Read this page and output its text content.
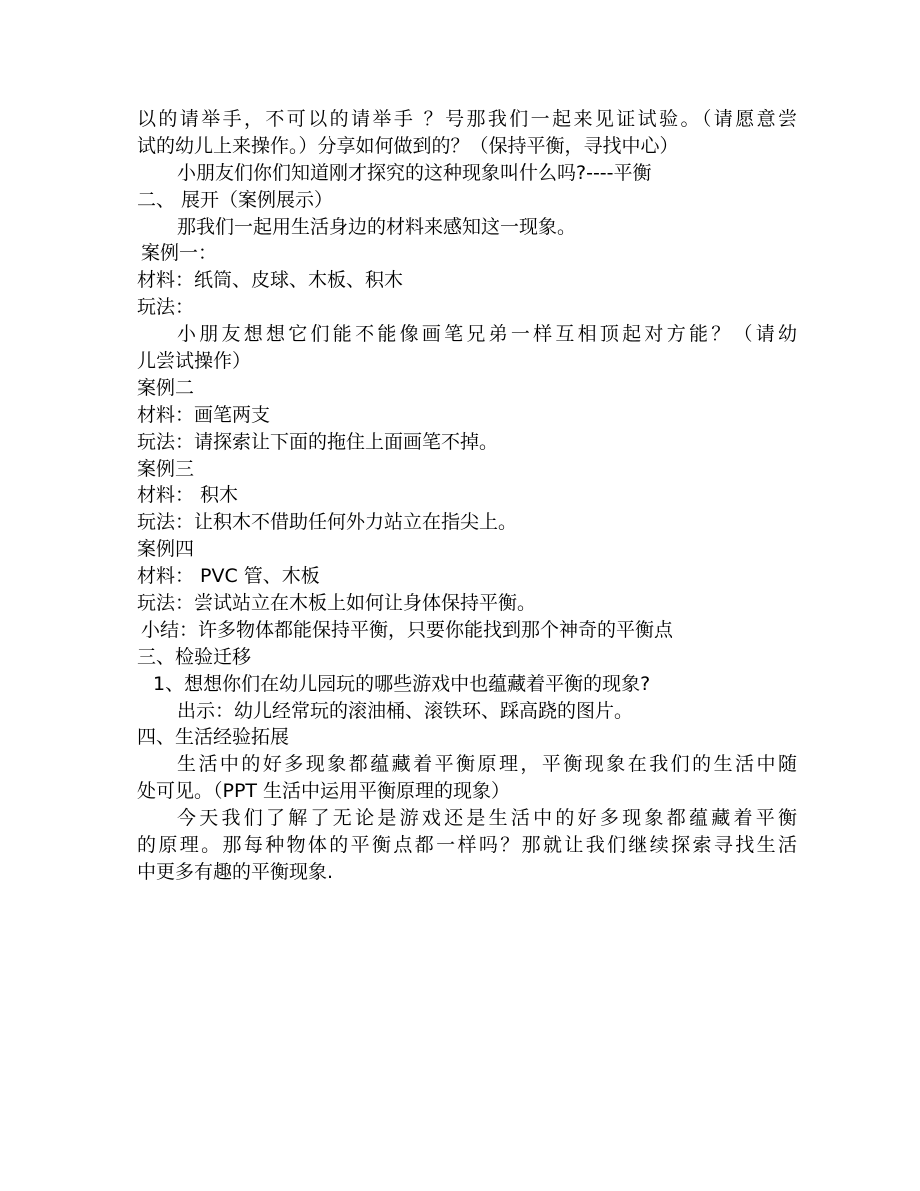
以的请举手，不可以的请举手 ？号那我们一起来见证试验。（请愿意尝
试的幼儿上来操作。）分享如何做到的？（保持平衡，寻找中心）
小朋友们你们知道刚才探究的这种现象叫什么吗?----平衡
二、 展开（案例展示）
那我们一起用生活身边的材料来感知这一现象。
案例一：
材料：纸筒、皮球、木板、积木
玩法：
小朋友想想它们能不能像画笔兄弟一样互相顶起对方能？（请幼
儿尝试操作）
案例二
材料：画笔两支
玩法：请探索让下面的拖住上面画笔不掉。
案例三
材料： 积木
玩法：让积木不借助任何外力站立在指尖上。
案例四
材料： PVC 管、木板
玩法：尝试站立在木板上如何让身体保持平衡。
小结：许多物体都能保持平衡，只要你能找到那个神奇的平衡点
三、检验迁移
1、想想你们在幼儿园玩的哪些游戏中也蕴藏着平衡的现象?
出示：幼儿经常玩的滚油桶、滚铁环、踩高跷的图片。
四、生活经验拓展
生活中的好多现象都蕴藏着平衡原理，平衡现象在我们的生活中随
处可见。（PPT 生活中运用平衡原理的现象）
今天我们了解了无论是游戏还是生活中的好多现象都蕴藏着平衡
的原理。那每种物体的平衡点都一样吗？那就让我们继续探索寻找生活
中更多有趣的平衡现象.
